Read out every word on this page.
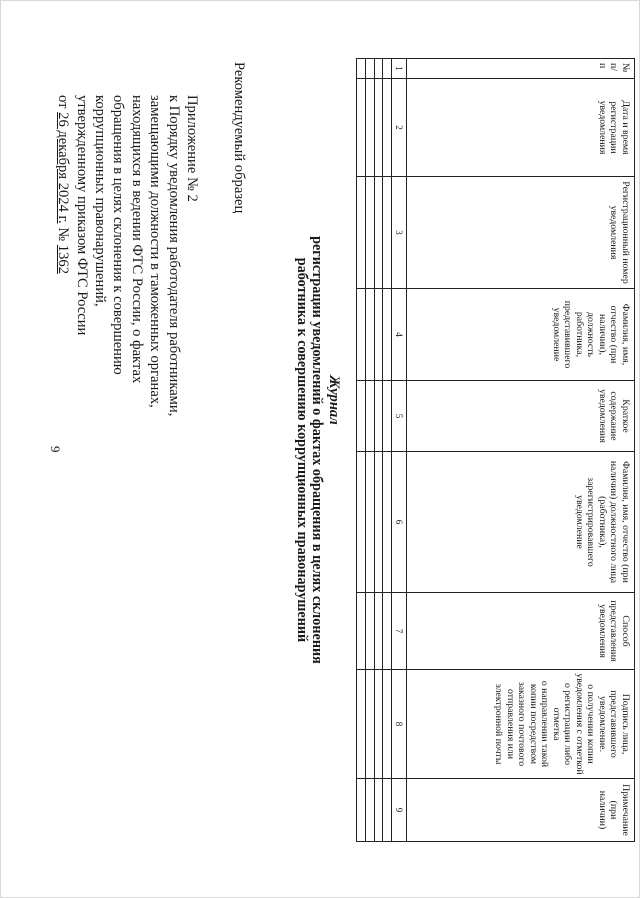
9
Приложение № 2
к Порядку уведомления работодателя работниками,
замещающими должности в таможенных органах,
находящихся в ведении ФТС России, о фактах
обращения в целях склонения к совершению
коррупционных правонарушений,
утвержденному приказом ФТС России
от 26 декабря 2024 г. № 1362
Рекомендуемый образец
Журнал
регистрации уведомлений о фактах обращения в целях склонения
работника к совершению коррупционных правонарушений
№ п/п	Дата и время регистрации уведомления	Регистрационный номер уведомления	Фамилия, имя, отчество (при наличии), должность работника, представившего уведомление	Краткое содержание уведомления	Фамилия, имя, отчество (при наличии) должностного лица (работника), зарегистрировавшего уведомление	Способ представления уведомления	Подпись лица, представившего уведомление.
о получении копии уведомления с отметкой
о регистрации либо отметка
о направлении такой копии посредством заказного почтового отправления или электронной почты	Примечание (при наличии)
1	2	3	4	5	6	7	8	9
